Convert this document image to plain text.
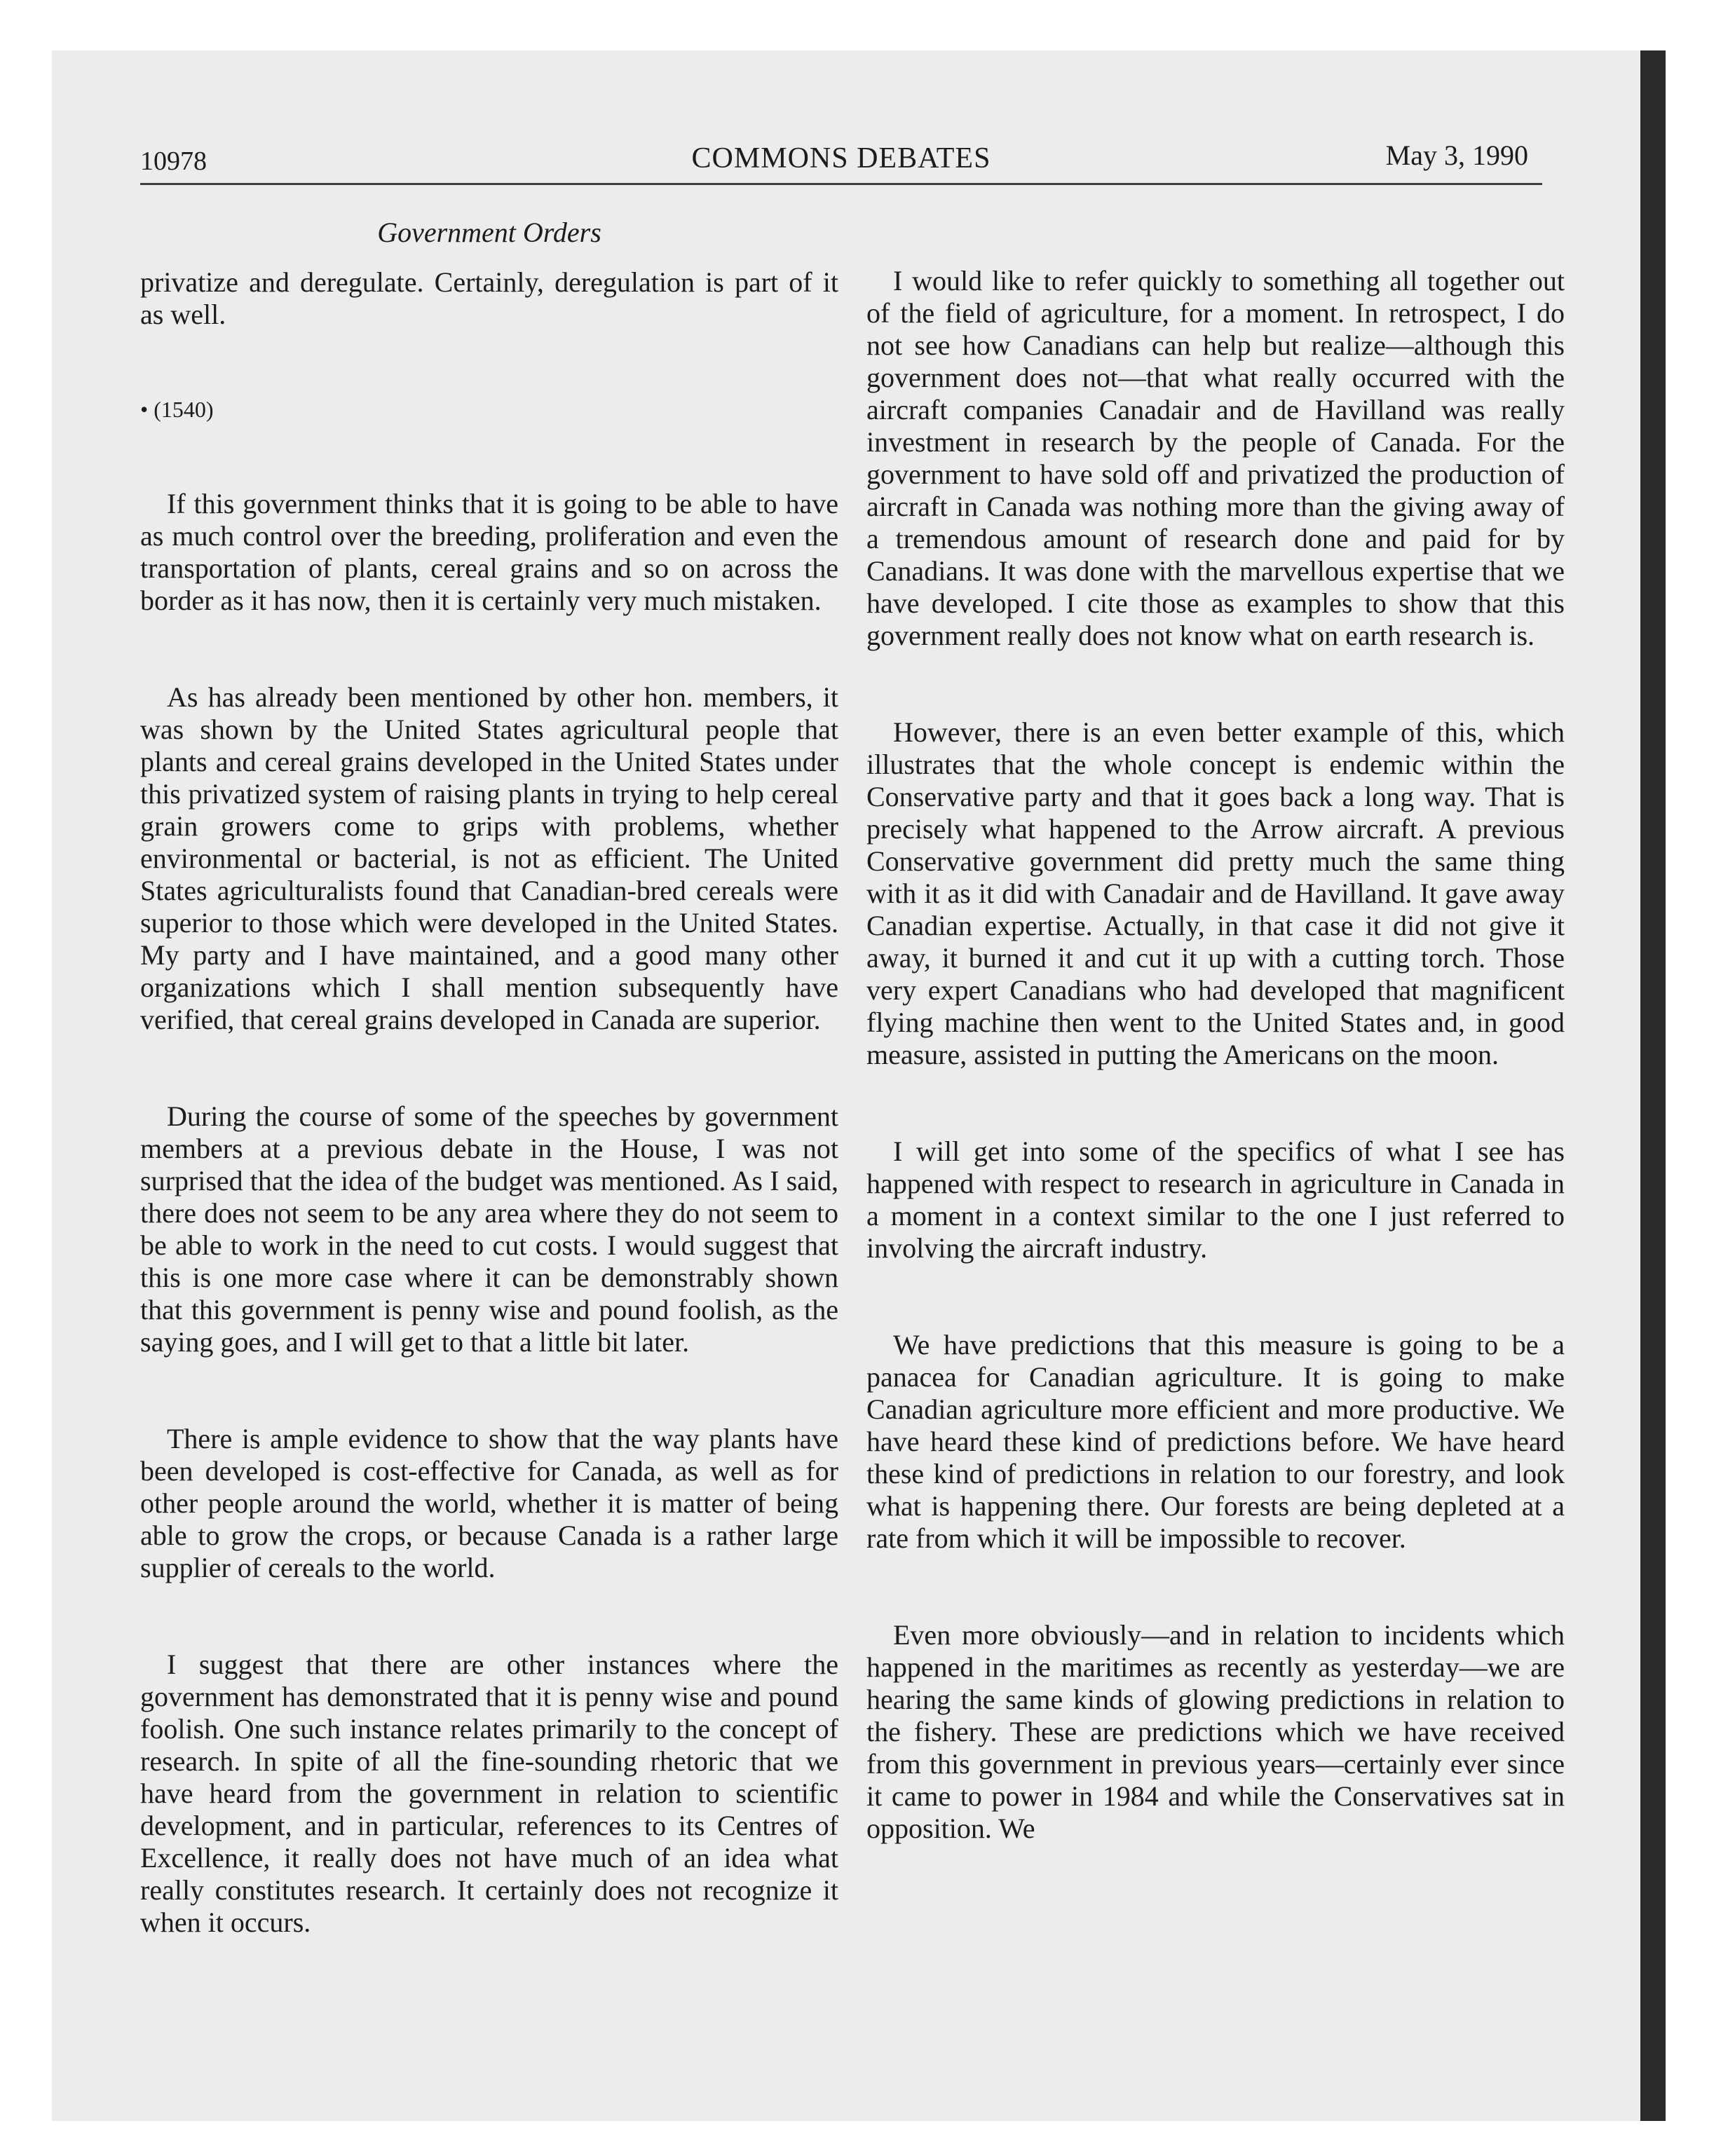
10978	COMMONS DEBATES	May 3, 1990
Government Orders

privatize and deregulate. Certainly, deregulation is part of it as well.

• (1540)

If this government thinks that it is going to be able to have as much control over the breeding, proliferation and even the transportation of plants, cereal grains and so on across the border as it has now, then it is certainly very much mistaken.

As has already been mentioned by other hon. members, it was shown by the United States agricultural people that plants and cereal grains developed in the United States under this privatized system of raising plants in trying to help cereal grain growers come to grips with problems, whether environmental or bacterial, is not as efficient. The United States agriculturalists found that Canadian-bred cereals were superior to those which were developed in the United States. My party and I have maintained, and a good many other organizations which I shall mention subsequently have verified, that cereal grains developed in Canada are superior.

During the course of some of the speeches by government members at a previous debate in the House, I was not surprised that the idea of the budget was mentioned. As I said, there does not seem to be any area where they do not seem to be able to work in the need to cut costs. I would suggest that this is one more case where it can be demonstrably shown that this government is penny wise and pound foolish, as the saying goes, and I will get to that a little bit later.

There is ample evidence to show that the way plants have been developed is cost-effective for Canada, as well as for other people around the world, whether it is matter of being able to grow the crops, or because Canada is a rather large supplier of cereals to the world.

I suggest that there are other instances where the government has demonstrated that it is penny wise and pound foolish. One such instance relates primarily to the concept of research. In spite of all the fine-sounding rhetoric that we have heard from the government in relation to scientific development, and in particular, references to its Centres of Excellence, it really does not have much of an idea what really constitutes research. It certainly does not recognize it when it occurs.

I would like to refer quickly to something all together out of the field of agriculture, for a moment. In retrospect, I do not see how Canadians can help but realize—although this government does not—that what really occurred with the aircraft companies Canadair and de Havilland was really investment in research by the people of Canada. For the government to have sold off and privatized the production of aircraft in Canada was nothing more than the giving away of a tremendous amount of research done and paid for by Canadians. It was done with the marvellous expertise that we have developed. I cite those as examples to show that this government really does not know what on earth research is.

However, there is an even better example of this, which illustrates that the whole concept is endemic within the Conservative party and that it goes back a long way. That is precisely what happened to the Arrow aircraft. A previous Conservative government did pretty much the same thing with it as it did with Canadair and de Havilland. It gave away Canadian expertise. Actually, in that case it did not give it away, it burned it and cut it up with a cutting torch. Those very expert Canadians who had developed that magnificent flying machine then went to the United States and, in good measure, assisted in putting the Americans on the moon.

I will get into some of the specifics of what I see has happened with respect to research in agriculture in Canada in a moment in a context similar to the one I just referred to involving the aircraft industry.

We have predictions that this measure is going to be a panacea for Canadian agriculture. It is going to make Canadian agriculture more efficient and more productive. We have heard these kind of predictions before. We have heard these kind of predictions in relation to our forestry, and look what is happening there. Our forests are being depleted at a rate from which it will be impossible to recover.

Even more obviously—and in relation to incidents which happened in the maritimes as recently as yesterday—we are hearing the same kinds of glowing predictions in relation to the fishery. These are predictions which we have received from this government in previous years—certainly ever since it came to power in 1984 and while the Conservatives sat in opposition. We
